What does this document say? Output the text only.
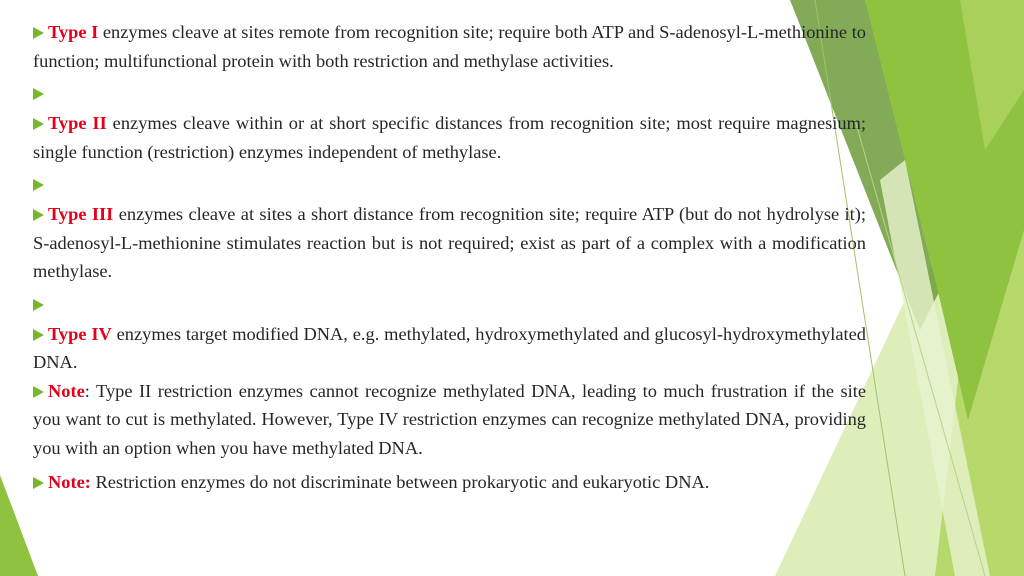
Type I enzymes cleave at sites remote from recognition site; require both ATP and S-adenosyl-L-methionine to function; multifunctional protein with both restriction and methylase activities.

Type II enzymes cleave within or at short specific distances from recognition site; most require magnesium; single function (restriction) enzymes independent of methylase.

Type III enzymes cleave at sites a short distance from recognition site; require ATP (but do not hydrolyse it); S-adenosyl-L-methionine stimulates reaction but is not required; exist as part of a complex with a modification methylase.

Type IV enzymes target modified DNA, e.g. methylated, hydroxymethylated and glucosyl-hydroxymethylated DNA.

Note: Type II restriction enzymes cannot recognize methylated DNA, leading to much frustration if the site you want to cut is methylated. However, Type IV restriction enzymes can recognize methylated DNA, providing you with an option when you have methylated DNA.

Note: Restriction enzymes do not discriminate between prokaryotic and eukaryotic DNA.
